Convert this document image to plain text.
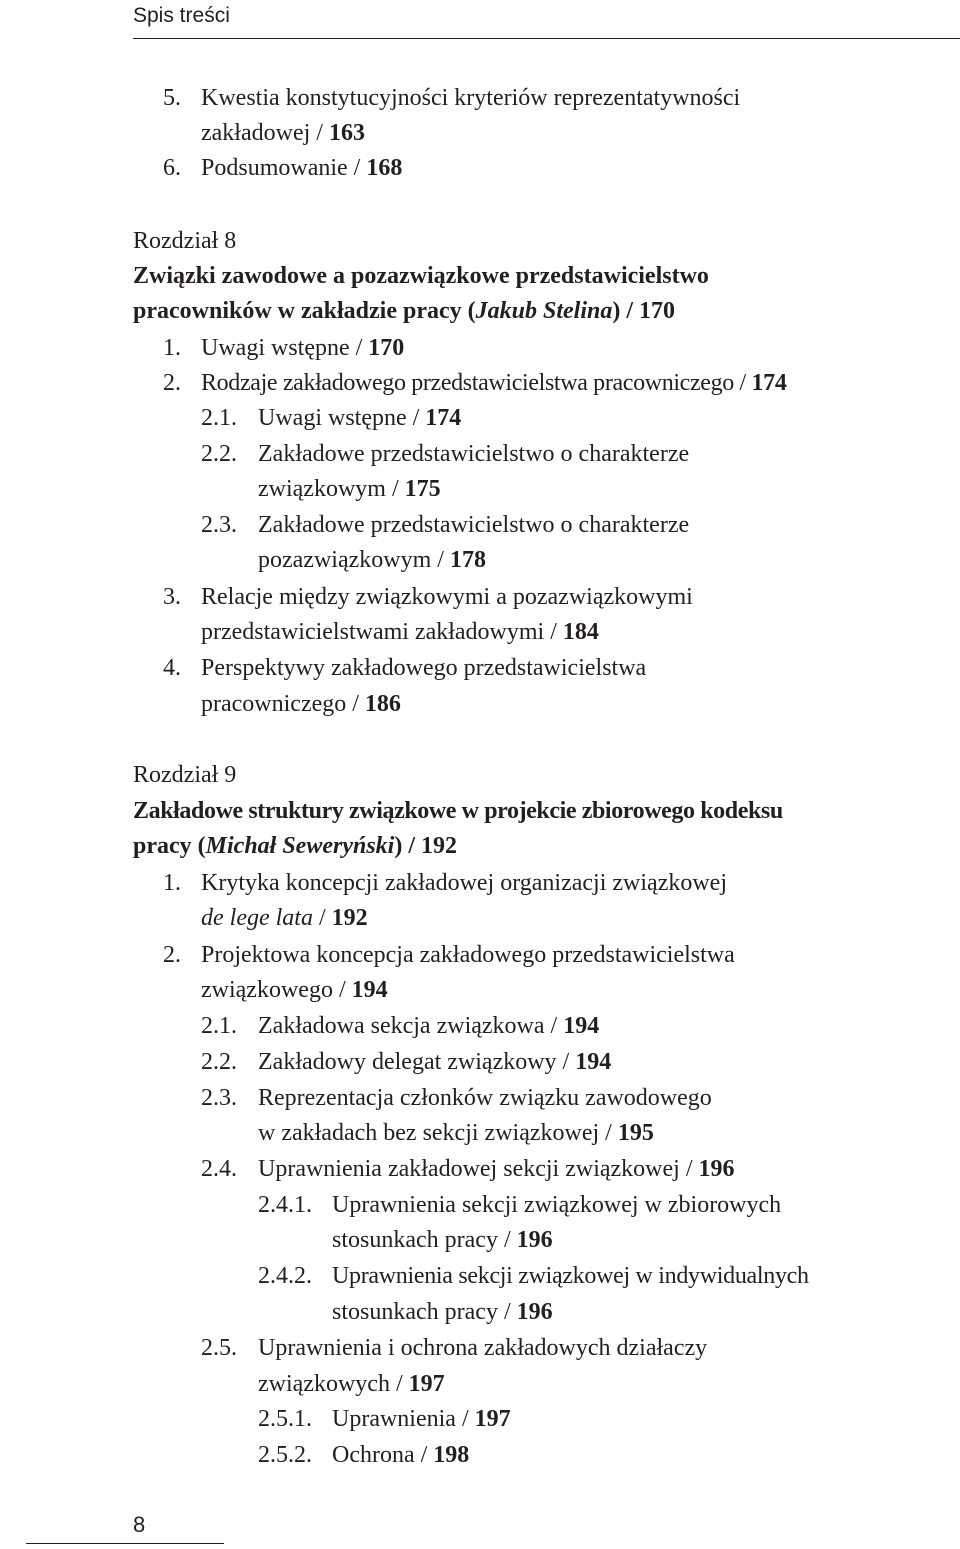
Spis treści
5. Kwestia konstytucyjności kryteriów reprezentatywności
zakładowej / 163
6. Podsumowanie / 168
Rozdział 8
Związki zawodowe a pozazwiązkowe przedstawicielstwo
pracowników w zakładzie pracy (Jakub Stelina) / 170
1. Uwagi wstępne / 170
2. Rodzaje zakładowego przedstawicielstwa pracowniczego / 174
2.1. Uwagi wstępne / 174
2.2. Zakładowe przedstawicielstwo o charakterze
związkowym / 175
2.3. Zakładowe przedstawicielstwo o charakterze
pozazwiązkowym / 178
3. Relacje między związkowymi a pozazwiązkowymi
przedstawicielstwami zakładowymi / 184
4. Perspektywy zakładowego przedstawicielstwa
pracowniczego / 186
Rozdział 9
Zakładowe struktury związkowe w projekcie zbiorowego kodeksu
pracy (Michał Seweryński) / 192
1. Krytyka koncepcji zakładowej organizacji związkowej
de lege lata / 192
2. Projektowa koncepcja zakładowego przedstawicielstwa
związkowego / 194
2.1. Zakładowa sekcja związkowa / 194
2.2. Zakładowy delegat związkowy / 194
2.3. Reprezentacja członków związku zawodowego
w zakładach bez sekcji związkowej / 195
2.4. Uprawnienia zakładowej sekcji związkowej / 196
2.4.1. Uprawnienia sekcji związkowej w zbiorowych
stosunkach pracy / 196
2.4.2. Uprawnienia sekcji związkowej w indywidualnych
stosunkach pracy / 196
2.5. Uprawnienia i ochrona zakładowych działaczy
związkowych / 197
2.5.1. Uprawnienia / 197
2.5.2. Ochrona / 198
8
